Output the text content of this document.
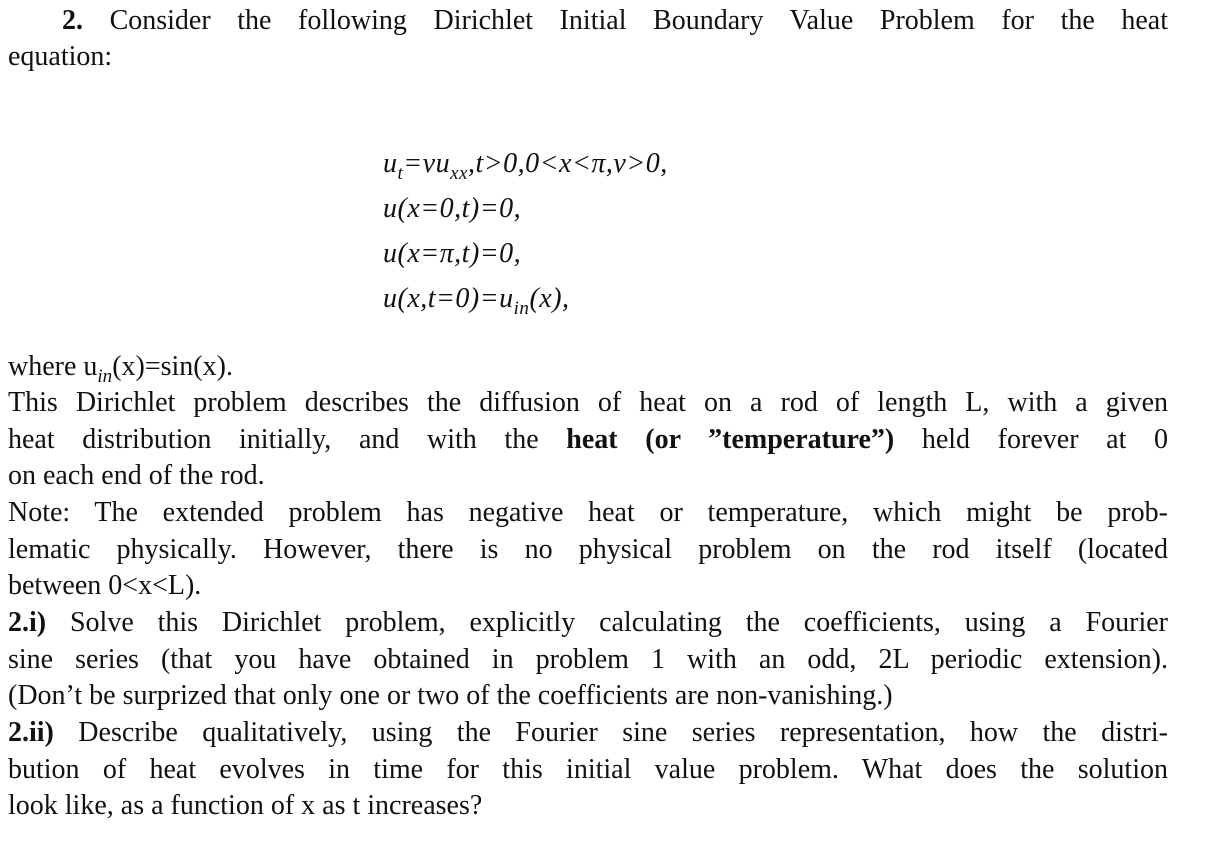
2. Consider the following Dirichlet Initial Boundary Value Problem for the heat
equation:
$u_t=\nu u_{xx},t>0,0<x<\pi,\nu>0$,
u(x=0,t)=0,
u(x=π,t)=0,
$u(x,t=0)=u_{in}(x)$,
where $u_{in}(x)=\sin(x)$.
This Dirichlet problem describes the diffusion of heat on a rod of length L, with a given
heat distribution initially, and with the heat (or ”temperature”) held forever at 0
on each end of the rod.
Note: The extended problem has negative heat or temperature, which might be prob-
lematic physically. However, there is no physical problem on the rod itself (located
between 0<x<L).
2.i) Solve this Dirichlet problem, explicitly calculating the coefficients, using a Fourier
sine series (that you have obtained in problem 1 with an odd, 2L periodic extension).
(Don’t be surprized that only one or two of the coefficients are non-vanishing.)
2.ii) Describe qualitatively, using the Fourier sine series representation, how the distri-
bution of heat evolves in time for this initial value problem. What does the solution
look like, as a function of x as t increases?
